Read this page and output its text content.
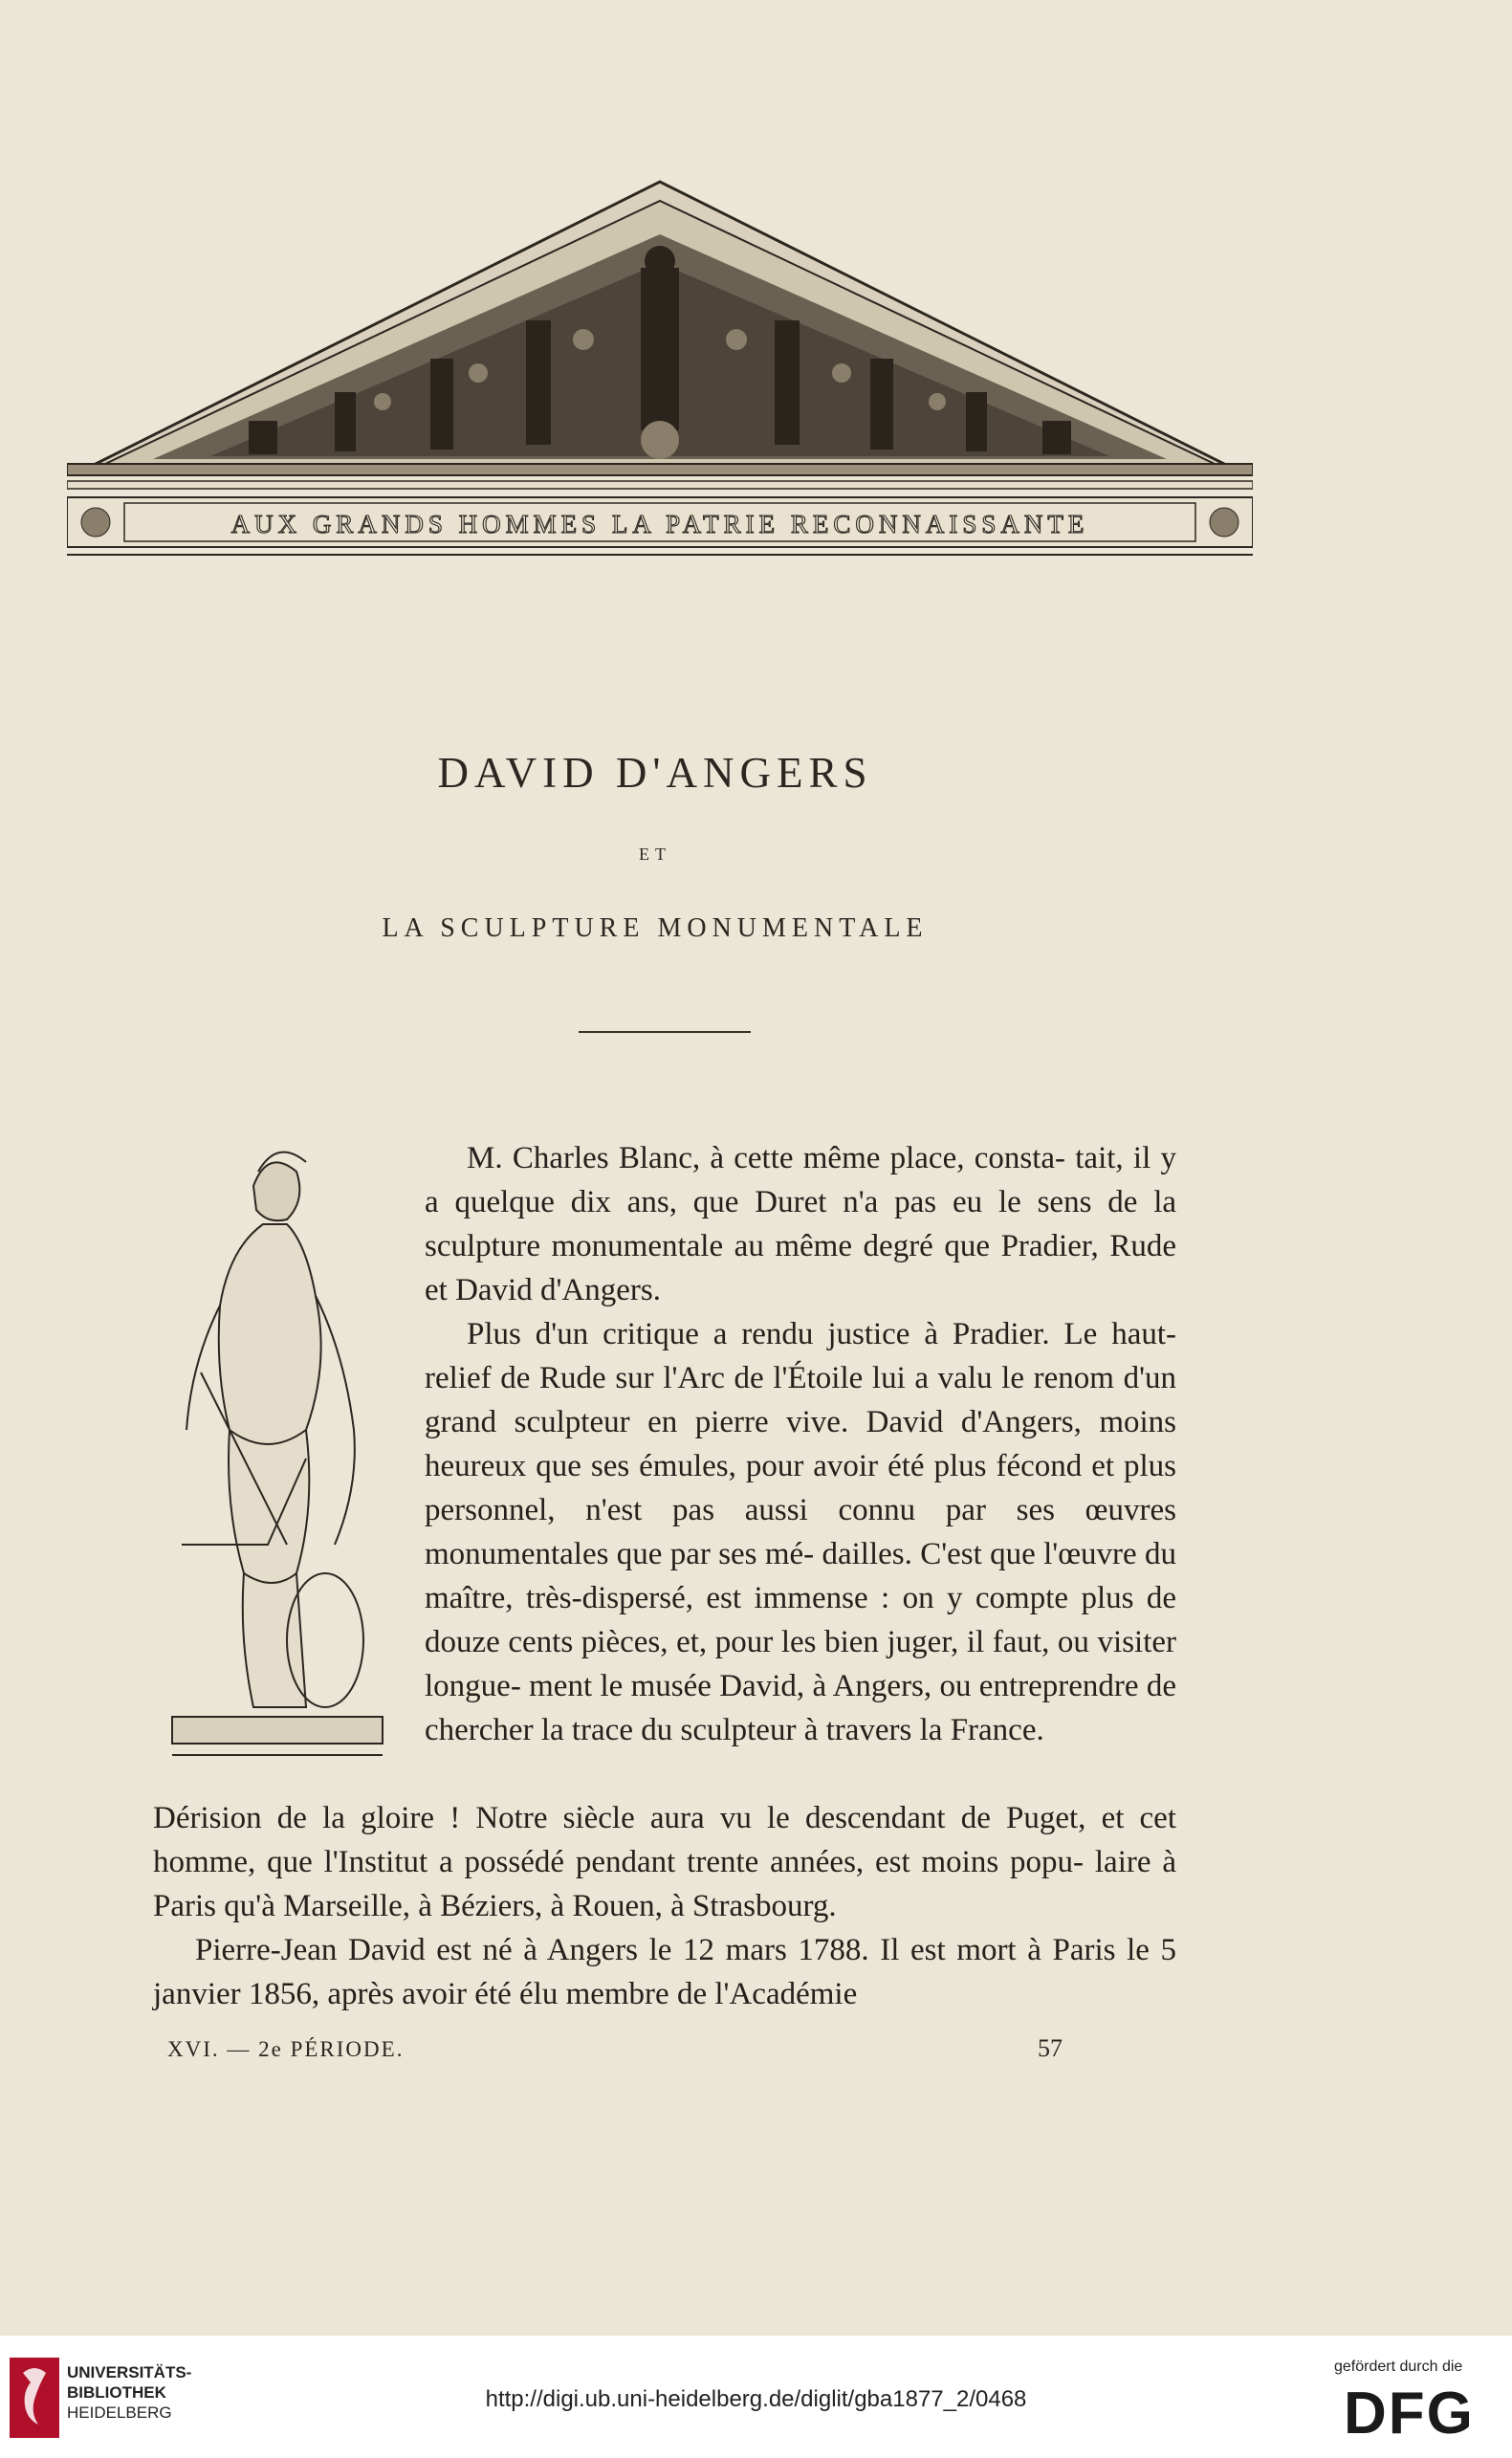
AUX GRANDS HOMMES LA PATRIE RECONNAISSANTE
DAVID D'ANGERS
ET
LA SCULPTURE MONUMENTALE

M. Charles Blanc, à cette même place, consta- tait, il y a quelque dix ans, que Duret n'a pas eu le sens de la sculpture monumentale au même degré que Pradier, Rude et David d'Angers.

Plus d'un critique a rendu justice à Pradier. Le haut-relief de Rude sur l'Arc de l'Étoile lui a valu le renom d'un grand sculpteur en pierre vive. David d'Angers, moins heureux que ses émules, pour avoir été plus fécond et plus personnel, n'est pas aussi connu par ses œuvres monumentales que par ses mé- dailles. C'est que l'œuvre du maître, très-dispersé, est immense : on y compte plus de douze cents pièces, et, pour les bien juger, il faut, ou visiter longue- ment le musée David, à Angers, ou entreprendre de chercher la trace du sculpteur à travers la France.

Dérision de la gloire ! Notre siècle aura vu le descendant de Puget, et cet homme, que l'Institut a possédé pendant trente années, est moins popu- laire à Paris qu'à Marseille, à Béziers, à Rouen, à Strasbourg.

Pierre-Jean David est né à Angers le 12 mars 1788. Il est mort à Paris le 5 janvier 1856, après avoir été élu membre de l'Académie

XVI. — 2e PÉRIODE.	57
UNIVERSITÄTS-
BIBLIOTHEK
HEIDELBERG
http://digi.ub.uni-heidelberg.de/diglit/gba1877_2/0468
gefördert durch die
DFG
